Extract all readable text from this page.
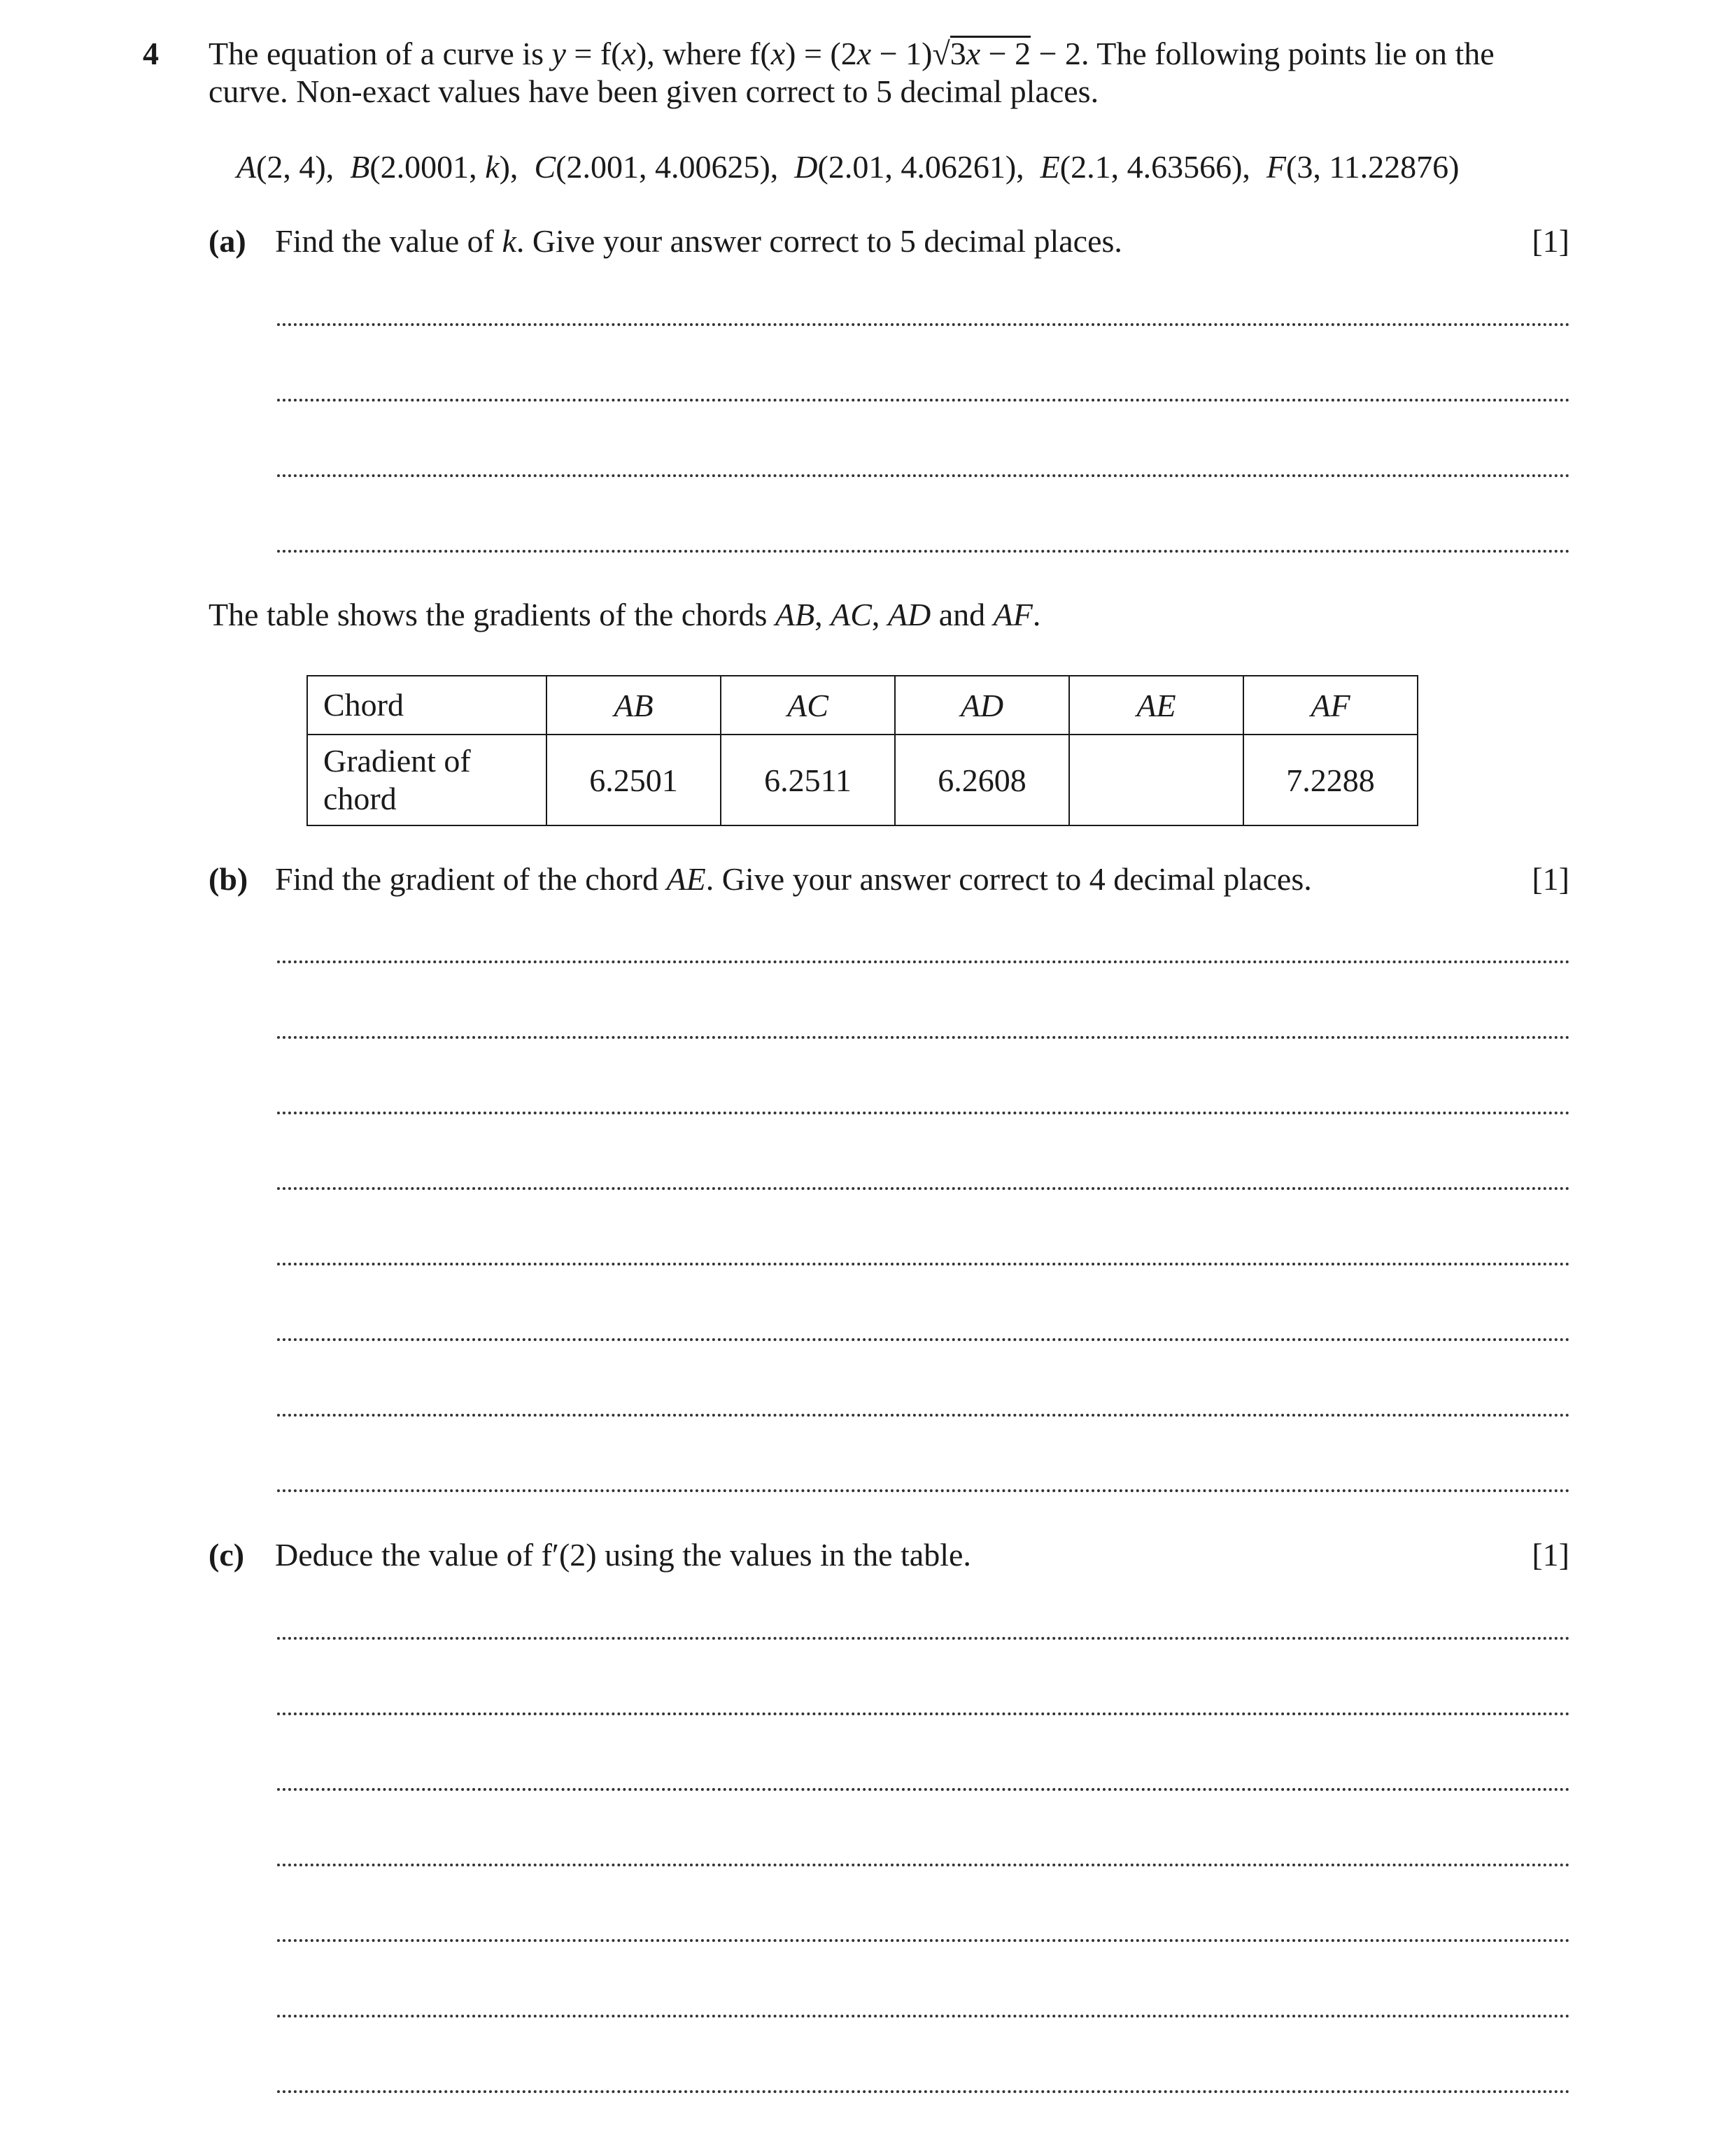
4 The equation of a curve is y = f(x), where f(x) = (2x − 1)√3x − 2 − 2. The following points lie on the
curve. Non-exact values have been given correct to 5 decimal places.
A(2, 4), B(2.0001, k), C(2.001, 4.00625), D(2.01, 4.06261), E(2.1, 4.63566), F(3, 11.22876)
(a) Find the value of k. Give your answer correct to 5 decimal places.	[1]
The table shows the gradients of the chords AB, AC, AD and AF.
Chord	AB	AC	AD	AE	AF
Gradient of
chord	6.2501	6.2511	6.2608		7.2288
(b) Find the gradient of the chord AE. Give your answer correct to 4 decimal places.	[1]
(c) Deduce the value of f′(2) using the values in the table.	[1]
